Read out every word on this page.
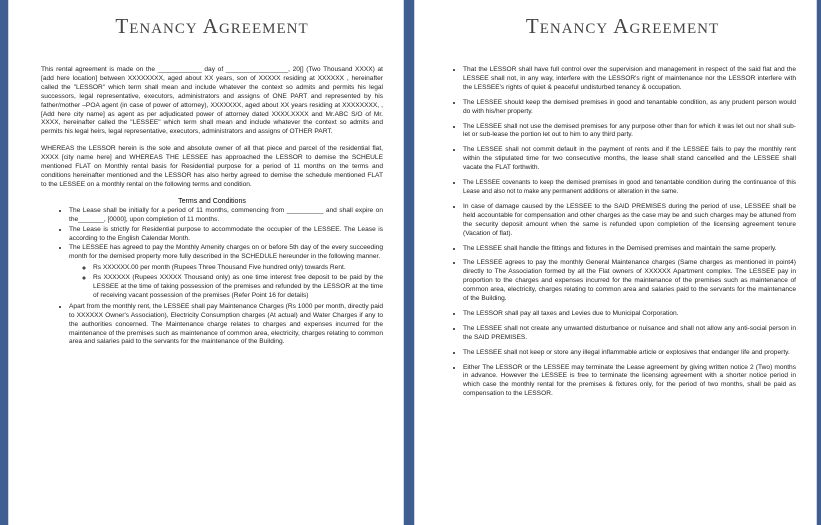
Tenancy Agreement

This rental agreement is made on the ____________ day of _________________, 20[] (Two Thousand XXXX) at [add here location] between XXXXXXXX, aged about XX years, son of XXXXX residing at XXXXXX , hereinafter called the "LESSOR" which term shall mean and include whatever the context so admits and permits his legal successors, legal representative, executors, administrators and assigns of ONE PART and represented by his father/mother –POA agent (in case of power of attorney), XXXXXXX, aged about XX years residing at XXXXXXXX, , [Add here city name] as agent as per adjudicated power of attorney dated XXXX.XXXX and Mr.ABC S/O of Mr. XXXX, hereinafter called the "LESSEE" which term shall mean and include whatever the context so admits and permits his legal heirs, legal representative, executors, administrators and assigns of OTHER PART.

WHEREAS the LESSOR herein is the sole and absolute owner of all that piece and parcel of the residential flat, XXXX [city name here] and WHEREAS THE LESSEE has approached the LESSOR to demise the SCHEULE mentioned FLAT on Monthly rental basis for Residential purpose for a period of 11 months on the terms and conditions hereinafter mentioned and the LESSOR has also herby agreed to demise the schedule mentioned FLAT to the LESSEE on a monthly rental on the following terms and condition.

Terms and Conditions
• The Lease shall be initially for a period of 11 months, commencing from __________ and shall expire on the_______, [0000], upon completion of 11 months.
• The Lease is strictly for Residential purpose to accommodate the occupier of the LESSEE. The Lease is according to the English Calendar Month.
• The LESSEE has agreed to pay the Monthly Amenity charges on or before 5th day of the every succeeding month for the demised property more fully described in the SCHEDULE hereunder in the following manner.
◦ Rs XXXXXX.00 per month (Rupees Three Thousand Five hundred only) towards Rent.
◦ Rs XXXXXX (Rupees XXXXX Thousand only) as one time interest free deposit to be paid by the LESSEE at the time of taking possession of the premises and refunded by the LESSOR at the time of receiving vacant possession of the premises (Refer Point 16 for details)
• Apart from the monthly rent, the LESSEE shall pay Maintenance Charges (Rs 1000 per month, directly paid to XXXXXX Owner's Association), Electricity Consumption charges (At actual) and Water Charges if any to the authorities concerned. The Maintenance charge relates to charges and expenses incurred for the maintenance of the premises such as maintenance of common area, electricity, charges relating to common area and salaries paid to the servants for the maintenance of the Building.
Tenancy Agreement
• That the LESSOR shall have full control over the supervision and management in respect of the said flat and the LESSEE shall not, in any way, interfere with the LESSOR's right of maintenance nor the LESSOR interfere with the LESSEE's rights of quiet & peaceful undisturbed tenancy & occupation.
• The LESSEE should keep the demised premises in good and tenantable condition, as any prudent person would do with his/her property.
• The LESSEE shall not use the demised premises for any purpose other than for which it was let out nor shall sub-let or sub-lease the portion let out to him to any third party.
• The LESSEE shall not commit default in the payment of rents and if the LESSEE fails to pay the monthly rent within the stipulated time for two consecutive months, the lease shall stand cancelled and the LESSEE shall vacate the FLAT forthwith.
• The LESSEE covenants to keep the demised premises in good and tenantable condition during the continuance of this Lease and also not to make any permanent additions or alteration in the same.
• In case of damage caused by the LESSEE to the SAID PREMISES during the period of use, LESSEE shall be held accountable for compensation and other charges as the case may be and such charges may be attuned from the security deposit amount when the same is refunded upon completion of the licensing agreement tenure (Vacation of flat).
• The LESSEE shall handle the fittings and fixtures in the Demised premises and maintain the same properly.
• The LESSEE agrees to pay the monthly General Maintenance charges (Same charges as mentioned in point4) directly to The Association formed by all the Flat owners of XXXXXX Apartment complex. The LESSEE pay in proportion to the charges and expenses incurred for the maintenance of the premises such as maintenance of common area, electricity, charges relating to common area and salaries paid to the servants for the maintenance of the Building.
• The LESSOR shall pay all taxes and Levies due to Municipal Corporation.
• The LESSEE shall not create any unwanted disturbance or nuisance and shall not allow any anti-social person in the SAID PREMISES.
• The LESSEE shall not keep or store any illegal inflammable article or explosives that endanger life and property.
• Either The LESSOR or the LESSEE may terminate the Lease agreement by giving written notice 2 (Two) months in advance. However the LESSEE is free to terminate the licensing agreement with a shorter notice period in which case the monthly rental for the premises & fixtures only, for the period of two months, shall be paid as compensation to the LESSOR.
